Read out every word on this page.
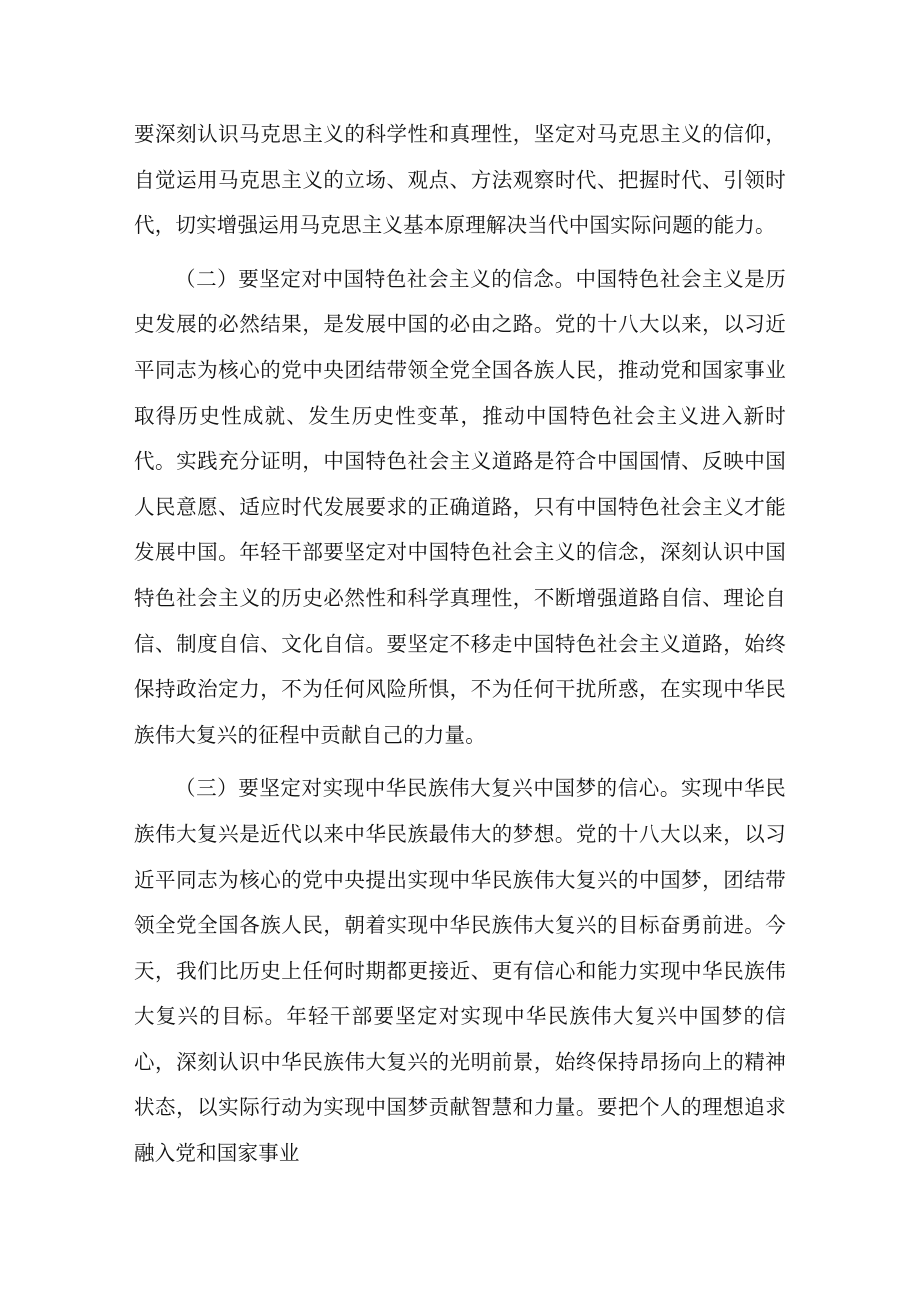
要深刻认识马克思主义的科学性和真理性，坚定对马克思主义的信仰，自觉运用马克思主义的立场、观点、方法观察时代、把握时代、引领时代，切实增强运用马克思主义基本原理解决当代中国实际问题的能力。

（二）要坚定对中国特色社会主义的信念。中国特色社会主义是历史发展的必然结果，是发展中国的必由之路。党的十八大以来，以习近平同志为核心的党中央团结带领全党全国各族人民，推动党和国家事业取得历史性成就、发生历史性变革，推动中国特色社会主义进入新时代。实践充分证明，中国特色社会主义道路是符合中国国情、反映中国人民意愿、适应时代发展要求的正确道路，只有中国特色社会主义才能发展中国。年轻干部要坚定对中国特色社会主义的信念，深刻认识中国特色社会主义的历史必然性和科学真理性，不断增强道路自信、理论自信、制度自信、文化自信。要坚定不移走中国特色社会主义道路，始终保持政治定力，不为任何风险所惧，不为任何干扰所惑，在实现中华民族伟大复兴的征程中贡献自己的力量。

（三）要坚定对实现中华民族伟大复兴中国梦的信心。实现中华民族伟大复兴是近代以来中华民族最伟大的梦想。党的十八大以来，以习近平同志为核心的党中央提出实现中华民族伟大复兴的中国梦，团结带领全党全国各族人民，朝着实现中华民族伟大复兴的目标奋勇前进。今天，我们比历史上任何时期都更接近、更有信心和能力实现中华民族伟大复兴的目标。年轻干部要坚定对实现中华民族伟大复兴中国梦的信心，深刻认识中华民族伟大复兴的光明前景，始终保持昂扬向上的精神状态，以实际行动为实现中国梦贡献智慧和力量。要把个人的理想追求融入党和国家事业
